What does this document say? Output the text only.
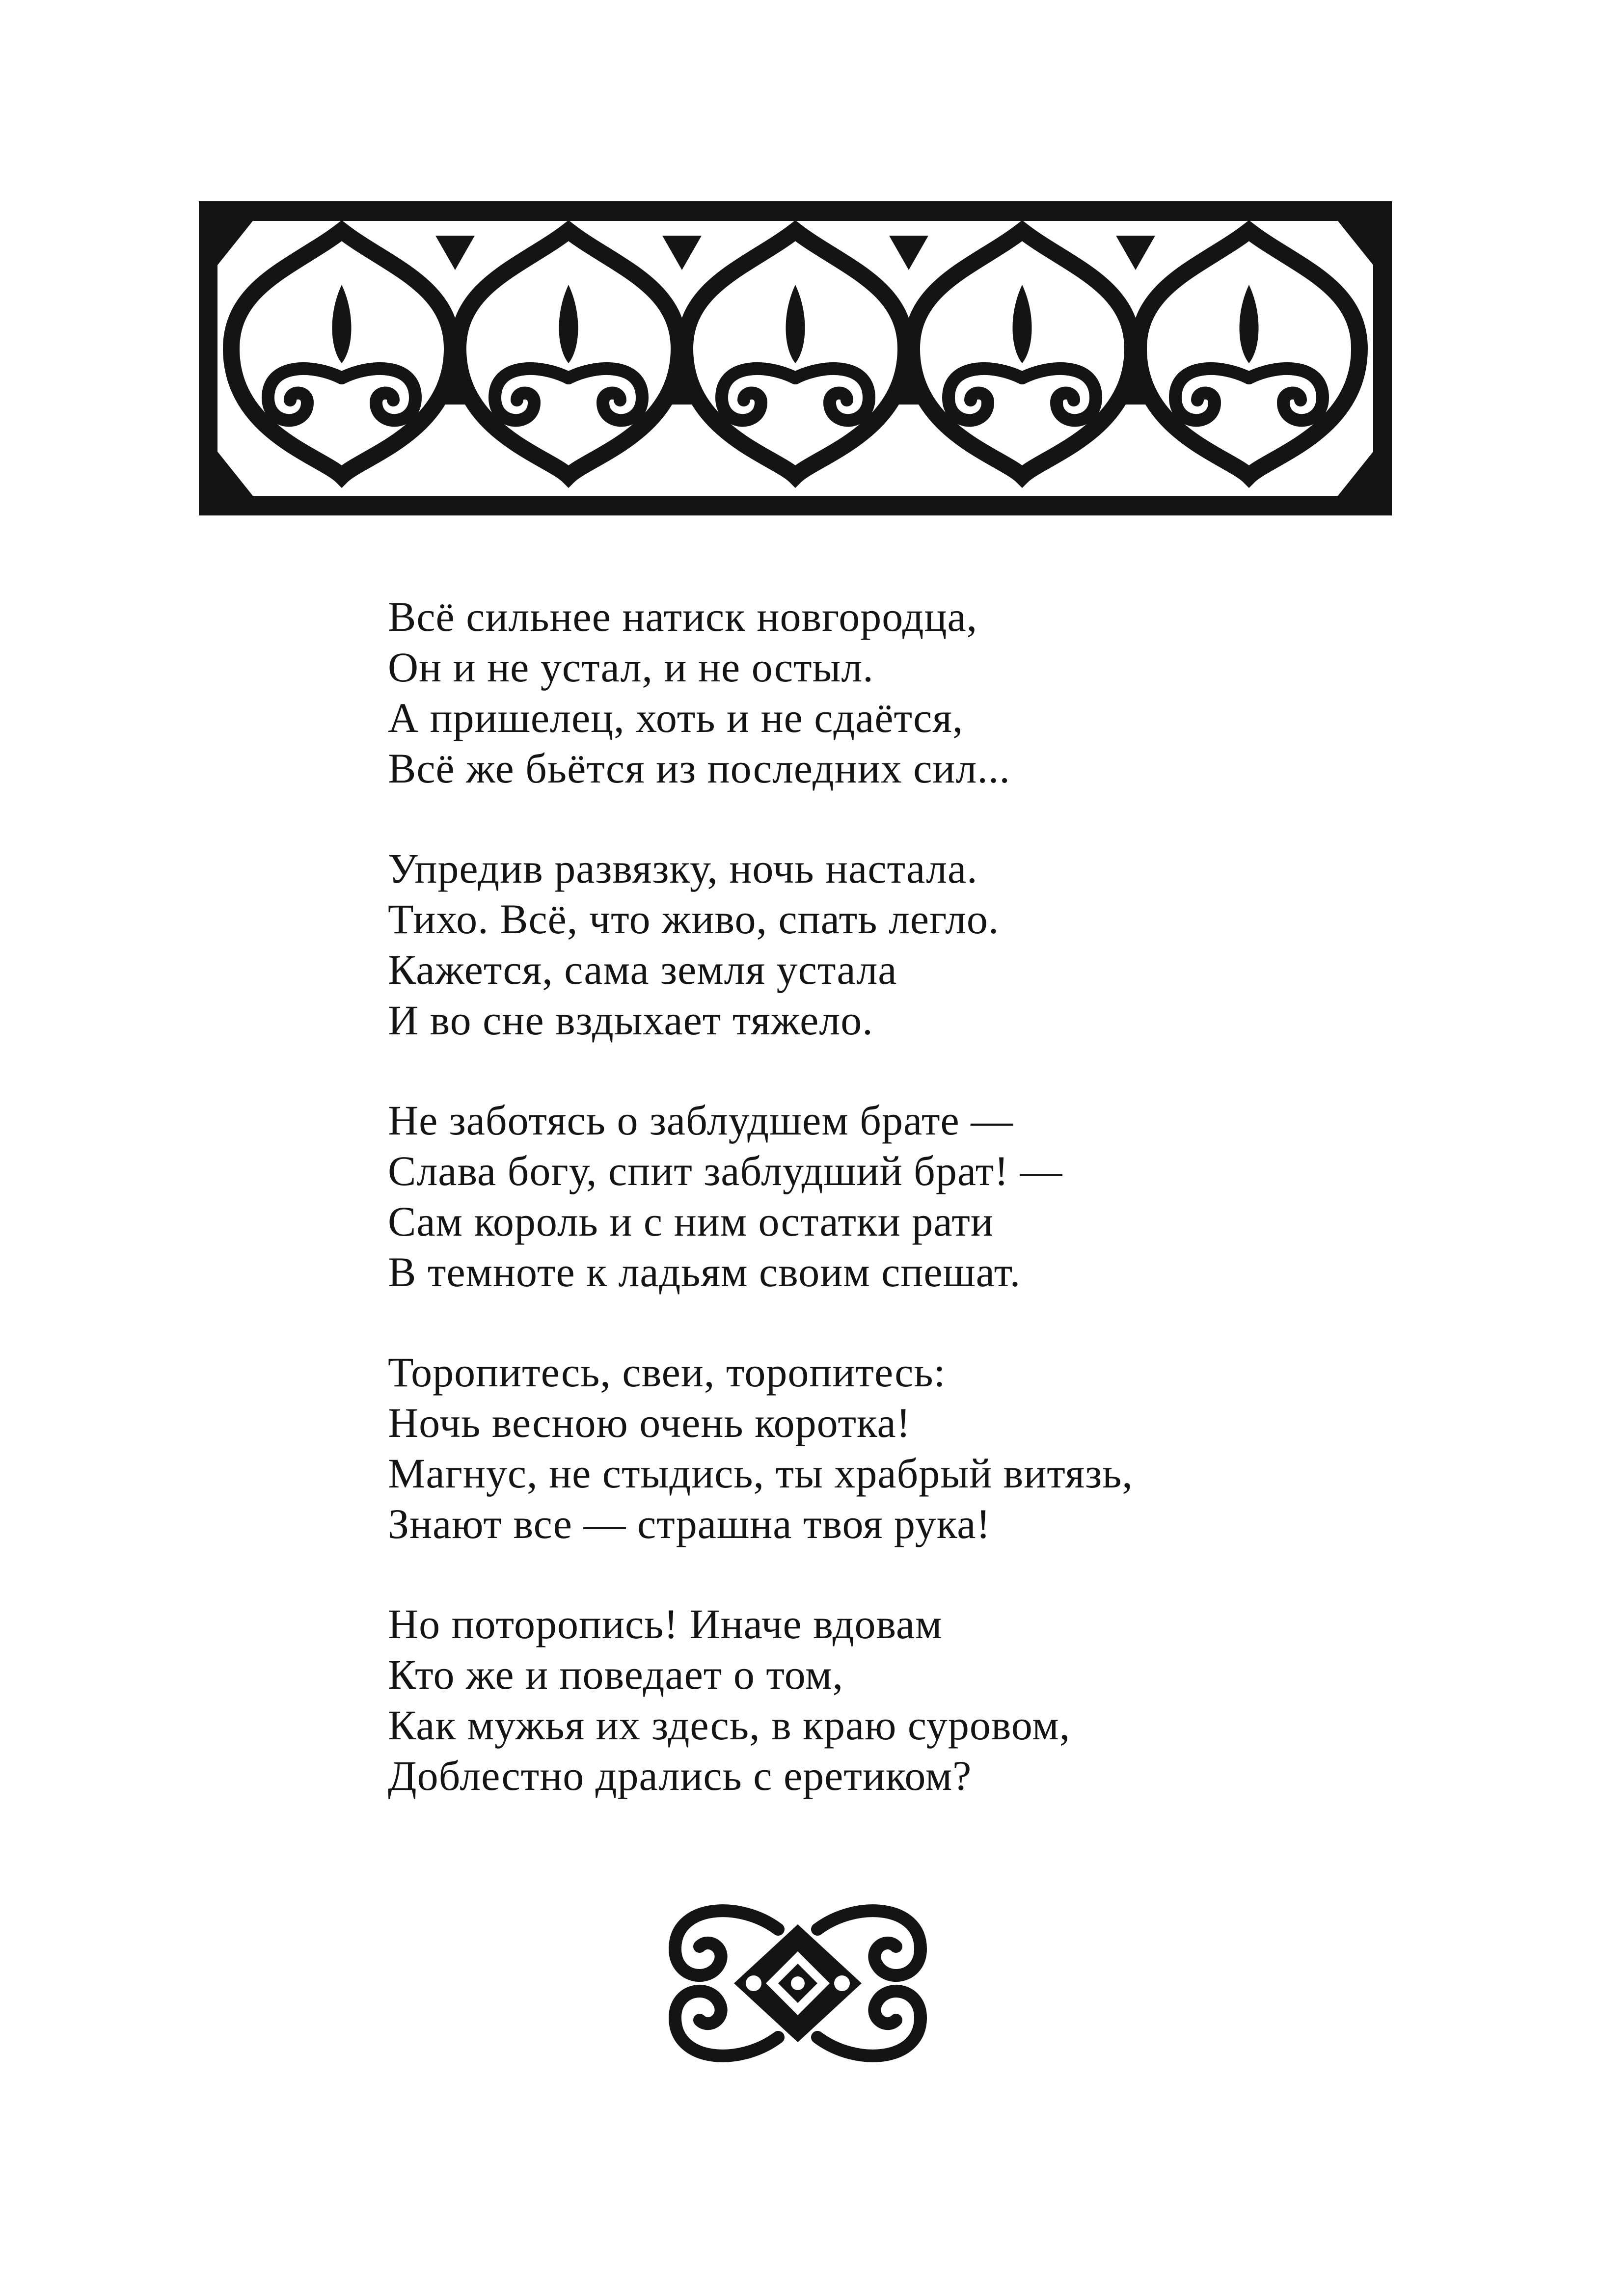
Всё сильнее натиск новгородца,
Он и не устал, и не остыл.
А пришелец, хоть и не сдаётся,
Всё же бьётся из последних сил...
Упредив развязку, ночь настала.
Тихо. Всё, что живо, спать легло.
Кажется, сама земля устала
И во сне вздыхает тяжело.
Не заботясь о заблудшем брате —
Слава богу, спит заблудший брат! —
Сам король и с ним остатки рати
В темноте к ладьям своим спешат.
Торопитесь, свеи, торопитесь:
Ночь весною очень коротка!
Магнус, не стыдись, ты храбрый витязь,
Знают все — страшна твоя рука!
Но поторопись! Иначе вдовам
Кто же и поведает о том,
Как мужья их здесь, в краю суровом,
Доблестно дрались с еретиком?
